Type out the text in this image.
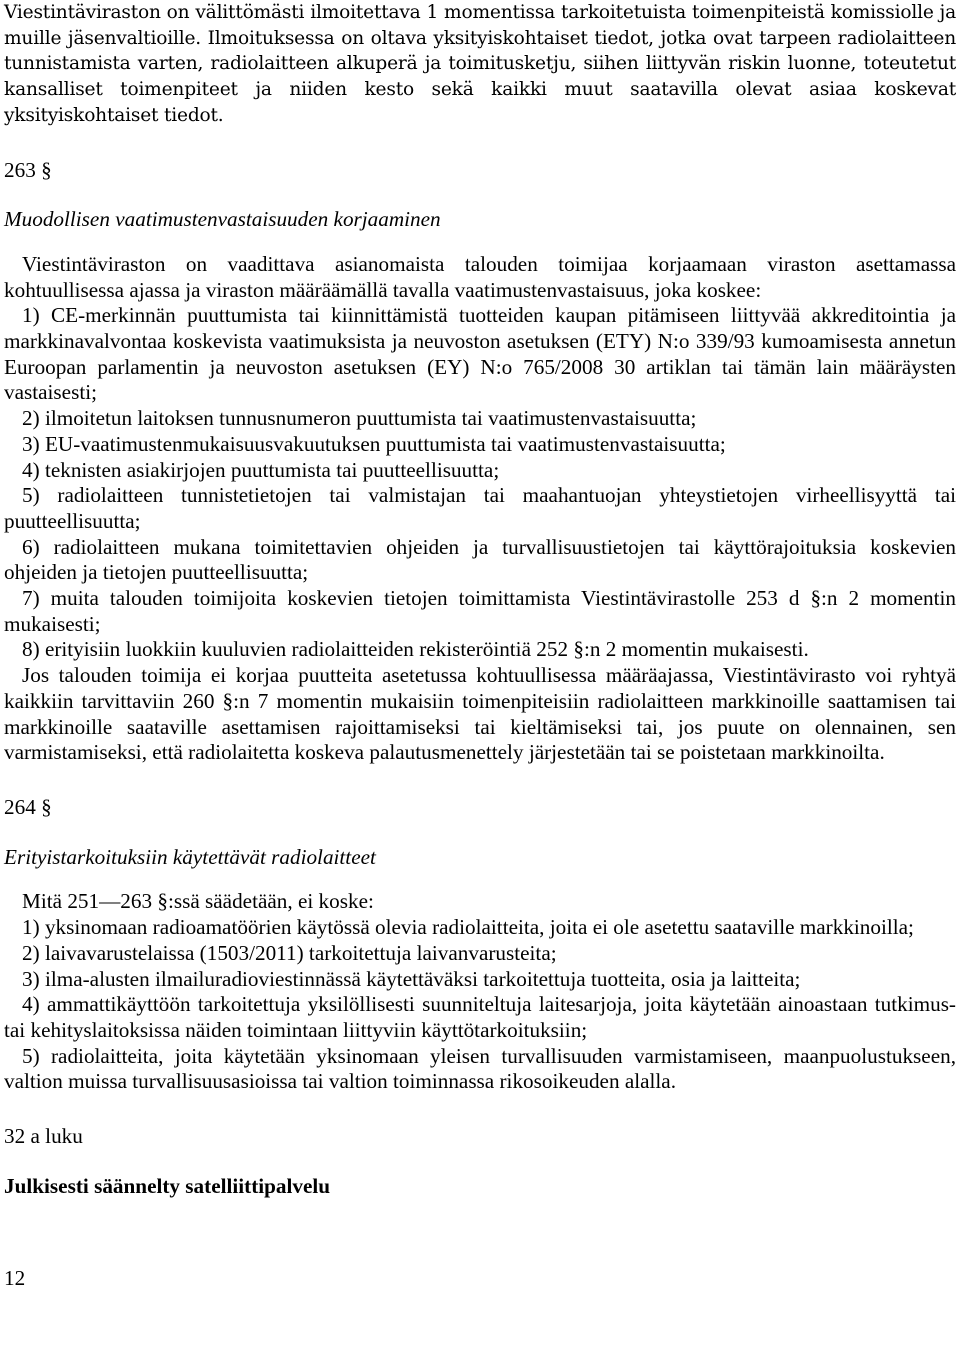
Viestintäviraston on välittömästi ilmoitettava 1 momentissa tarkoitetuista toimenpiteistä komissiolle ja muille jäsenvaltioille. Ilmoituksessa on oltava yksityiskohtaiset tiedot, jotka ovat tarpeen radiolaitteen tunnistamista varten, radiolaitteen alkuperä ja toimitusketju, siihen liittyvän riskin luonne, toteutetut kansalliset toimenpiteet ja niiden kesto sekä kaikki muut saatavilla olevat asiaa koskevat yksityiskohtaiset tiedot.

263 §

Muodollisen vaatimustenvastaisuuden korjaaminen

Viestintäviraston on vaadittava asianomaista talouden toimijaa korjaamaan viraston asettamassa kohtuullisessa ajassa ja viraston määräämällä tavalla vaatimustenvastaisuus, joka koskee:

1) CE-merkinnän puuttumista tai kiinnittämistä tuotteiden kaupan pitämiseen liittyvää akkreditointia ja markkinavalvontaa koskevista vaatimuksista ja neuvoston asetuksen (ETY) N:o 339/93 kumoamisesta annetun Euroopan parlamentin ja neuvoston asetuksen (EY) N:o 765/2008 30 artiklan tai tämän lain määräysten vastaisesti;

2) ilmoitetun laitoksen tunnusnumeron puuttumista tai vaatimustenvastaisuutta;

3) EU-vaatimustenmukaisuusvakuutuksen puuttumista tai vaatimustenvastaisuutta;

4) teknisten asiakirjojen puuttumista tai puutteellisuutta;

5) radiolaitteen tunnistetietojen tai valmistajan tai maahantuojan yhteystietojen virheellisyyttä tai puutteellisuutta;

6) radiolaitteen mukana toimitettavien ohjeiden ja turvallisuustietojen tai käyttörajoituksia koskevien ohjeiden ja tietojen puutteellisuutta;

7) muita talouden toimijoita koskevien tietojen toimittamista Viestintävirastolle 253 d §:n 2 momentin mukaisesti;

8) erityisiin luokkiin kuuluvien radiolaitteiden rekisteröintiä 252 §:n 2 momentin mukaisesti.

Jos talouden toimija ei korjaa puutteita asetetussa kohtuullisessa määräajassa, Viestintävirasto voi ryhtyä kaikkiin tarvittaviin 260 §:n 7 momentin mukaisiin toimenpiteisiin radiolaitteen markkinoille saattamisen tai markkinoille saataville asettamisen rajoittamiseksi tai kieltämiseksi tai, jos puute on olennainen, sen varmistamiseksi, että radiolaitetta koskeva palautusmenettely järjestetään tai se poistetaan markkinoilta.

264 §

Erityistarkoituksiin käytettävät radiolaitteet

Mitä 251—263 §:ssä säädetään, ei koske:

1) yksinomaan radioamatöörien käytössä olevia radiolaitteita, joita ei ole asetettu saataville markkinoilla;

2) laivavarustelaissa (1503/2011) tarkoitettuja laivanvarusteita;

3) ilma-alusten ilmailuradioviestinnässä käytettäväksi tarkoitettuja tuotteita, osia ja laitteita;

4) ammattikäyttöön tarkoitettuja yksilöllisesti suunniteltuja laitesarjoja, joita käytetään ainoastaan tutkimus- tai kehityslaitoksissa näiden toimintaan liittyviin käyttötarkoituksiin;

5) radiolaitteita, joita käytetään yksinomaan yleisen turvallisuuden varmistamiseen, maanpuolustukseen, valtion muissa turvallisuusasioissa tai valtion toiminnassa rikosoikeuden alalla.

32 a luku

Julkisesti säännelty satelliittipalvelu

12
